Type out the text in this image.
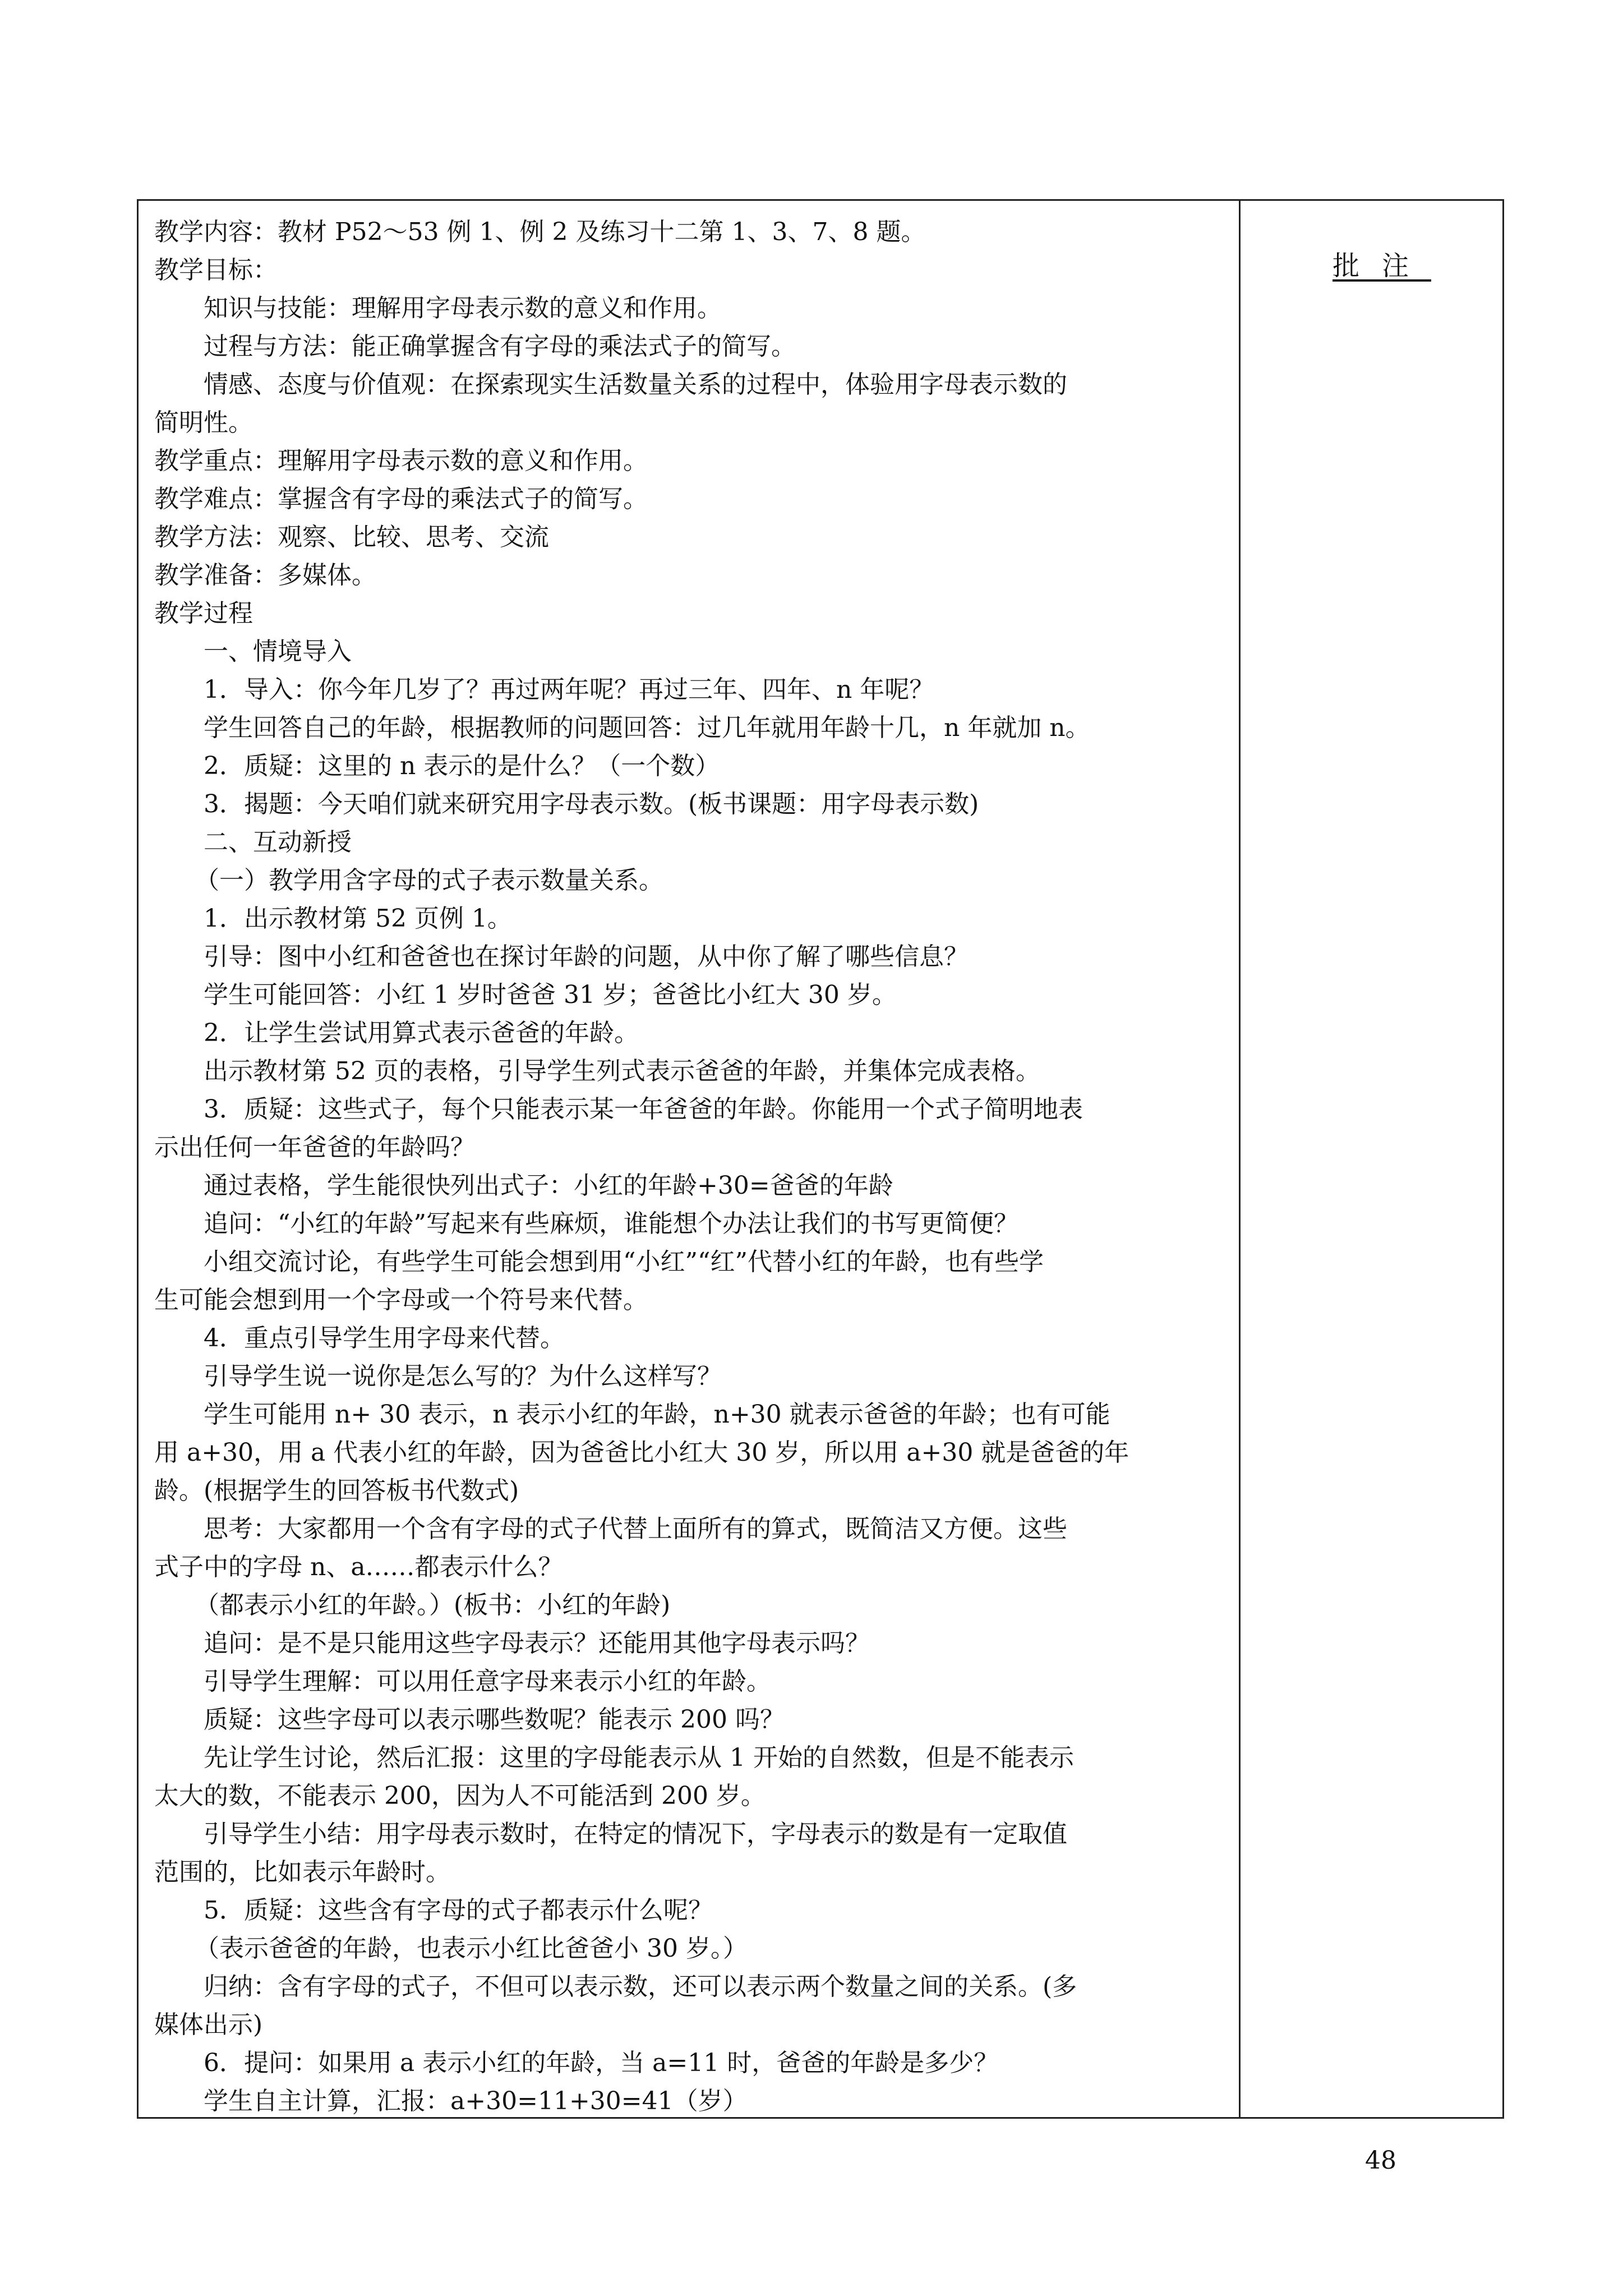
教学内容：教材 P52～53 例 1、例 2 及练习十二第 1、3、7、8 题。
教学目标：
知识与技能：理解用字母表示数的意义和作用。
过程与方法：能正确掌握含有字母的乘法式子的简写。
情感、态度与价值观：在探索现实生活数量关系的过程中，体验用字母表示数的
简明性。
教学重点：理解用字母表示数的意义和作用。
教学难点：掌握含有字母的乘法式子的简写。
教学方法：观察、比较、思考、交流
教学准备：多媒体。
教学过程
一、情境导入
1．导入：你今年几岁了？再过两年呢？再过三年、四年、n 年呢？
学生回答自己的年龄，根据教师的问题回答：过几年就用年龄十几，n 年就加 n。
2．质疑：这里的 n 表示的是什么？（一个数）
3．揭题：今天咱们就来研究用字母表示数。(板书课题：用字母表示数)
二、互动新授
（一）教学用含字母的式子表示数量关系。
1．出示教材第 52 页例 1。
引导：图中小红和爸爸也在探讨年龄的问题，从中你了解了哪些信息？
学生可能回答：小红 1 岁时爸爸 31 岁；爸爸比小红大 30 岁。
2．让学生尝试用算式表示爸爸的年龄。
出示教材第 52 页的表格，引导学生列式表示爸爸的年龄，并集体完成表格。
3．质疑：这些式子，每个只能表示某一年爸爸的年龄。你能用一个式子简明地表
示出任何一年爸爸的年龄吗？
通过表格，学生能很快列出式子：小红的年龄+30=爸爸的年龄
追问：“小红的年龄”写起来有些麻烦，谁能想个办法让我们的书写更简便？
小组交流讨论，有些学生可能会想到用“小红”“红”代替小红的年龄，也有些学
生可能会想到用一个字母或一个符号来代替。
4．重点引导学生用字母来代替。
引导学生说一说你是怎么写的？为什么这样写？
学生可能用 n+ 30 表示，n 表示小红的年龄，n+30 就表示爸爸的年龄；也有可能
用 a+30，用 a 代表小红的年龄，因为爸爸比小红大 30 岁，所以用 a+30 就是爸爸的年
龄。(根据学生的回答板书代数式)
思考：大家都用一个含有字母的式子代替上面所有的算式，既简洁又方便。这些
式子中的字母 n、a……都表示什么？
（都表示小红的年龄。）(板书：小红的年龄)
追问：是不是只能用这些字母表示？还能用其他字母表示吗？
引导学生理解：可以用任意字母来表示小红的年龄。
质疑：这些字母可以表示哪些数呢？能表示 200 吗？
先让学生讨论，然后汇报：这里的字母能表示从 1 开始的自然数，但是不能表示
太大的数，不能表示 200，因为人不可能活到 200 岁。
引导学生小结：用字母表示数时，在特定的情况下，字母表示的数是有一定取值
范围的，比如表示年龄时。
5．质疑：这些含有字母的式子都表示什么呢？
（表示爸爸的年龄，也表示小红比爸爸小 30 岁。）
归纳：含有字母的式子，不但可以表示数，还可以表示两个数量之间的关系。(多
媒体出示)
6．提问：如果用 a 表示小红的年龄，当 a=11 时，爸爸的年龄是多少？
学生自主计算，汇报：a+30=11+30=41（岁）
批注
48
